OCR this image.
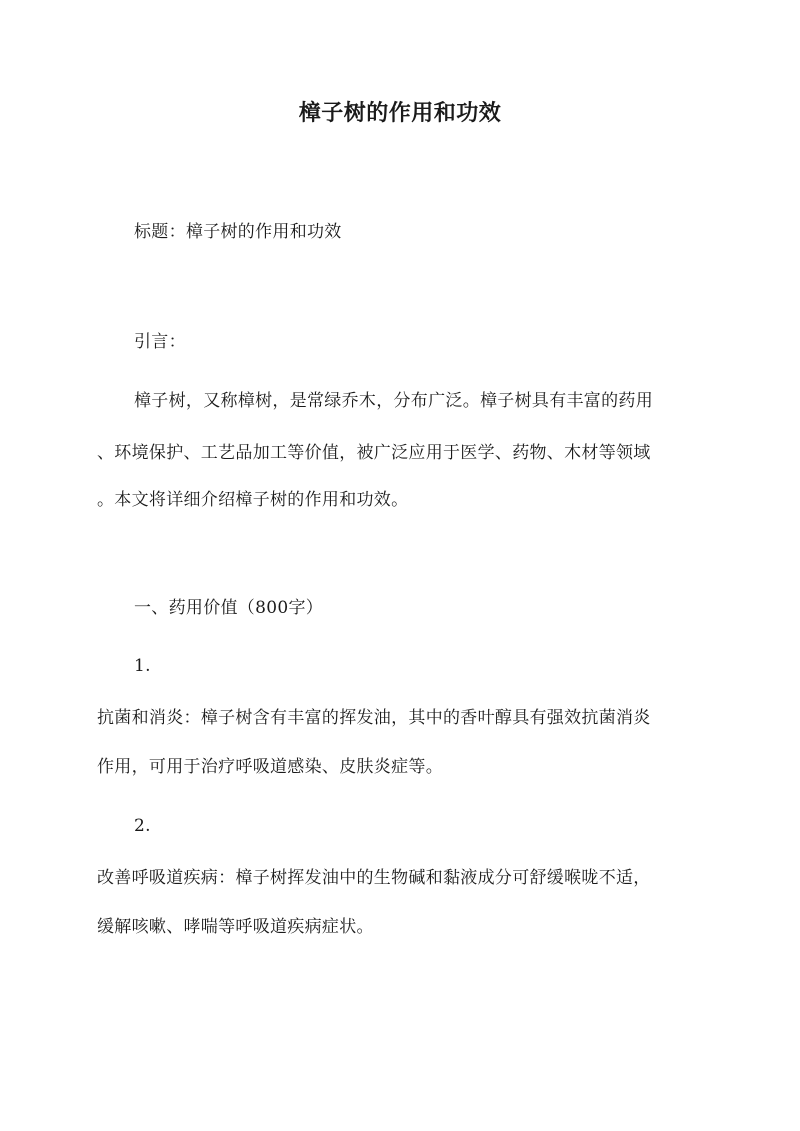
樟子树的作用和功效
标题：樟子树的作用和功效
引言：
樟子树，又称樟树，是常绿乔木，分布广泛。樟子树具有丰富的药用
、环境保护、工艺品加工等价值，被广泛应用于医学、药物、木材等领域
。本文将详细介绍樟子树的作用和功效。
一、药用价值（800字）
1.
抗菌和消炎：樟子树含有丰富的挥发油，其中的香叶醇具有强效抗菌消炎
作用，可用于治疗呼吸道感染、皮肤炎症等。
2.
改善呼吸道疾病：樟子树挥发油中的生物碱和黏液成分可舒缓喉咙不适，
缓解咳嗽、哮喘等呼吸道疾病症状。
